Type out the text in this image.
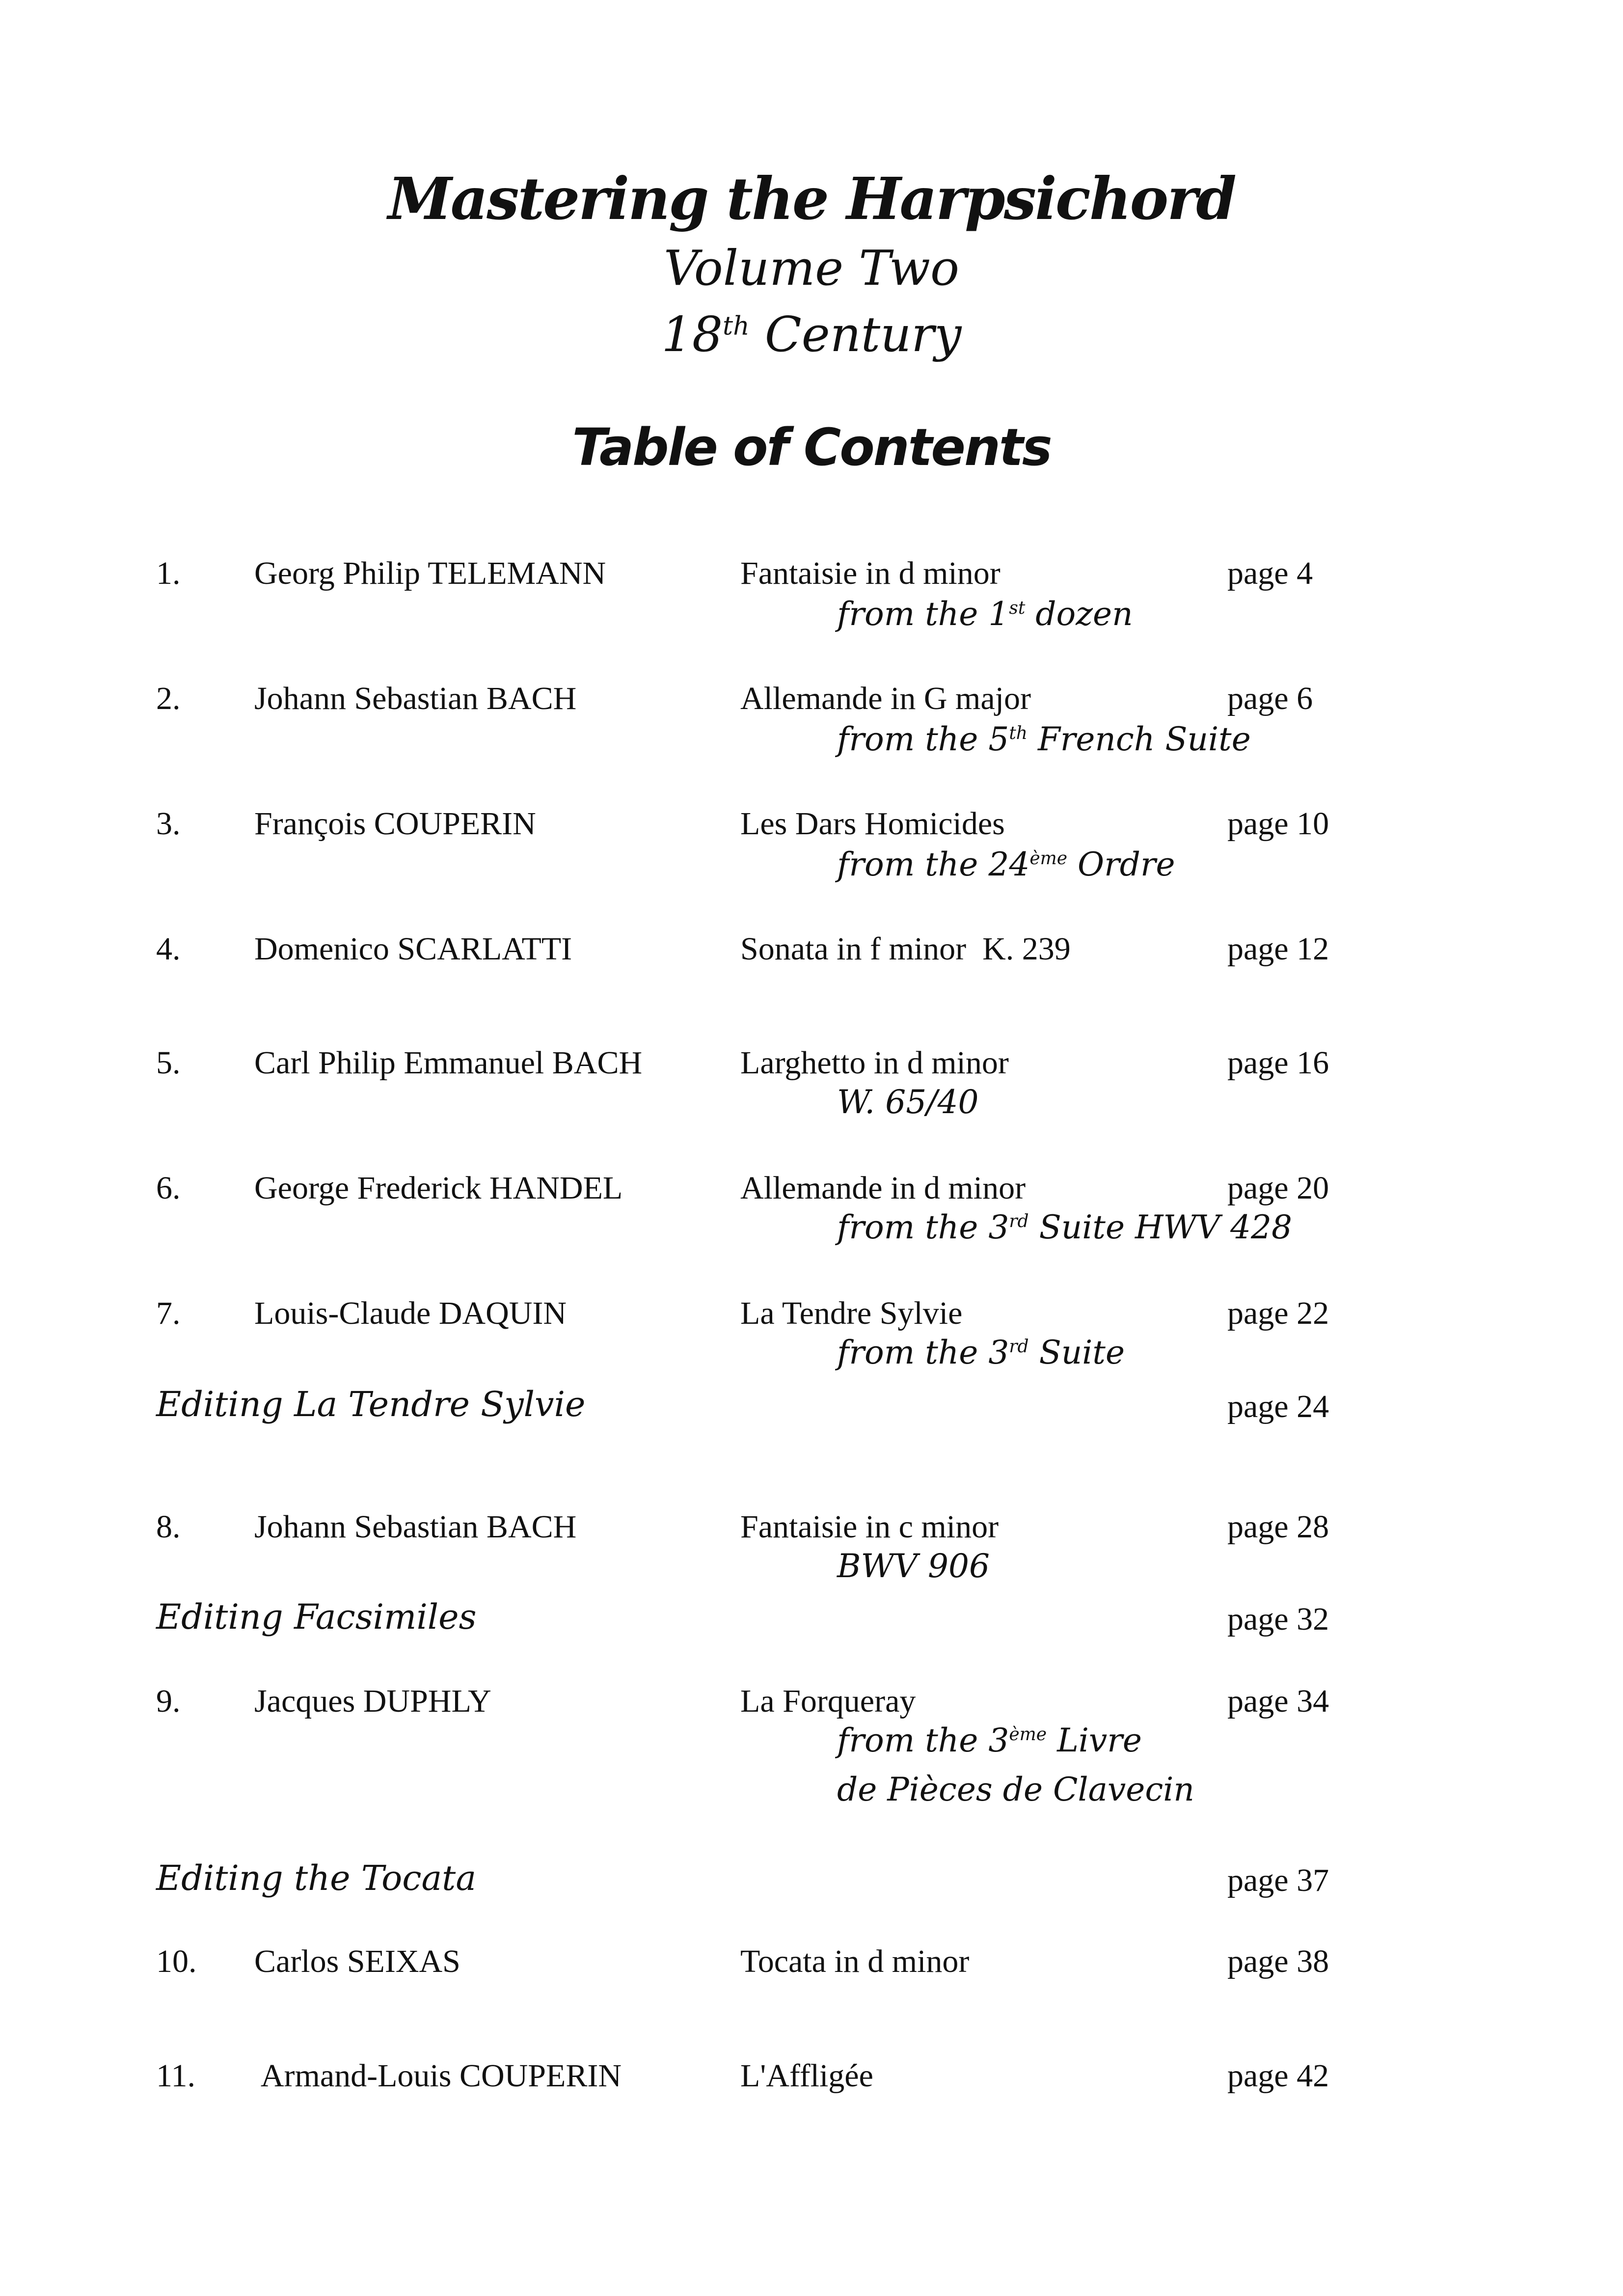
Mastering the Harpsichord
Volume Two
18th Century
Table of Contents
1. Georg Philip TELEMANN	Fantaisie in d minor	page 4
from the 1st dozen
2. Johann Sebastian BACH	Allemande in G major	page 6
from the 5th French Suite
3. François COUPERIN	Les Dars Homicides	page 10
from the 24ème Ordre
4. Domenico SCARLATTI	Sonata in f minor  K. 239	page 12
5. Carl Philip Emmanuel BACH	Larghetto in d minor	page 16
W. 65/40
6. George Frederick HANDEL	Allemande in d minor	page 20
from the 3rd Suite HWV 428
7. Louis-Claude DAQUIN	La Tendre Sylvie	page 22
from the 3rd Suite
Editing La Tendre Sylvie	page 24
8. Johann Sebastian BACH	Fantaisie in c minor	page 28
BWV 906
Editing Facsimiles	page 32
9. Jacques DUPHLY	La Forqueray	page 34
from the 3ème Livre
de Pièces de Clavecin
Editing the Tocata	page 37
10. Carlos SEIXAS	Tocata in d minor	page 38
11. Armand-Louis COUPERIN	L'Affligée	page 42
